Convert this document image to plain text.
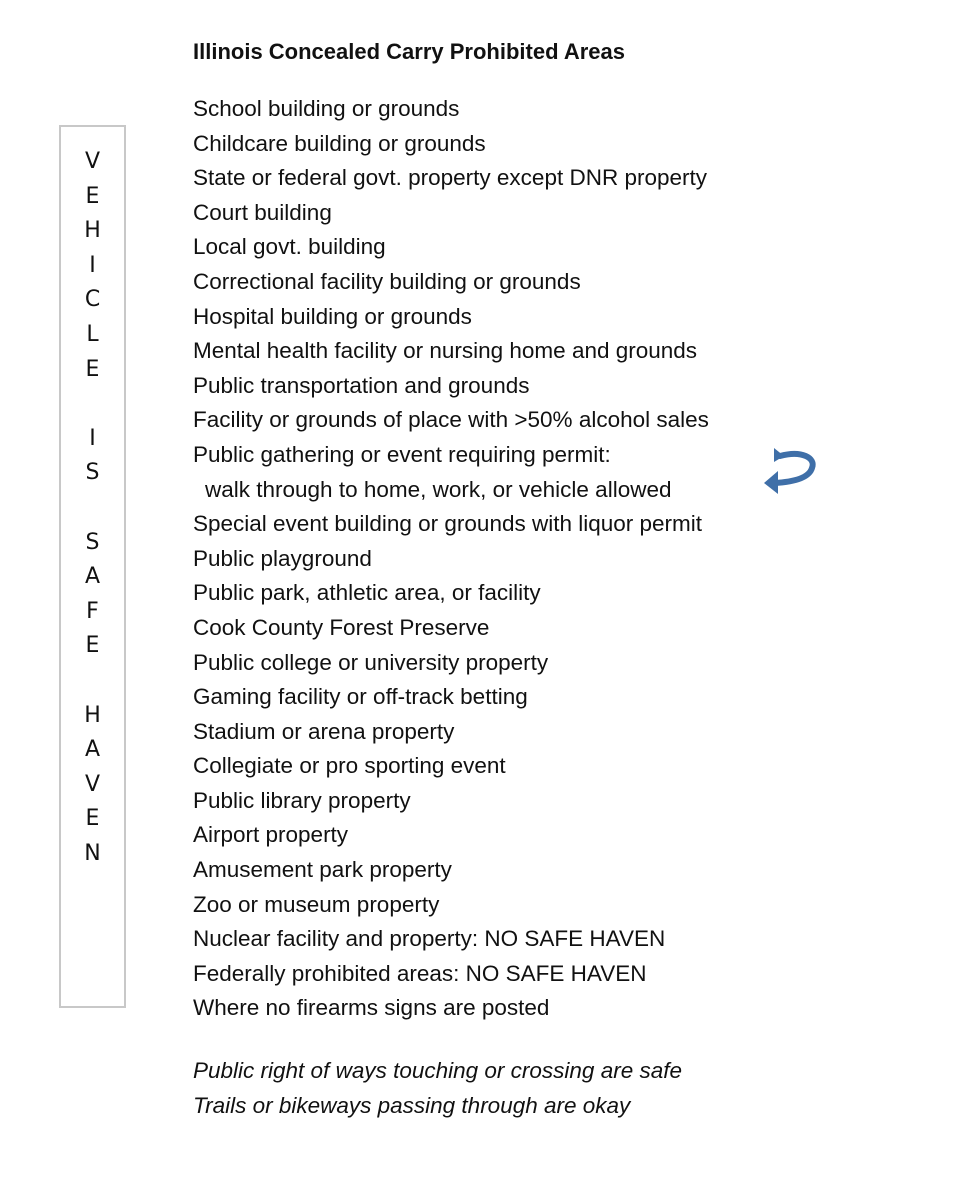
Illinois Concealed Carry Prohibited Areas
School building or grounds
Childcare building or grounds
State or federal govt. property except DNR property
Court building
Local govt. building
Correctional facility building or grounds
Hospital building or grounds
Mental health facility or nursing home and grounds
Public transportation and grounds
Facility or grounds of place with >50% alcohol sales
Public gathering or event requiring permit:
walk through to home, work, or vehicle allowed
Special event building or grounds with liquor permit
Public playground
Public park, athletic area, or facility
Cook County Forest Preserve
Public college or university property
Gaming facility or off-track betting
Stadium or arena property
Collegiate or pro sporting event
Public library property
Airport property
Amusement park property
Zoo or museum property
Nuclear facility and property: NO SAFE HAVEN
Federally prohibited areas: NO SAFE HAVEN
Where no firearms signs are posted
Public right of ways touching or crossing are safe
Trails or bikeways passing through are okay
V
E
H
I
C
L
E
I
S
S
A
F
E
H
A
V
E
N
